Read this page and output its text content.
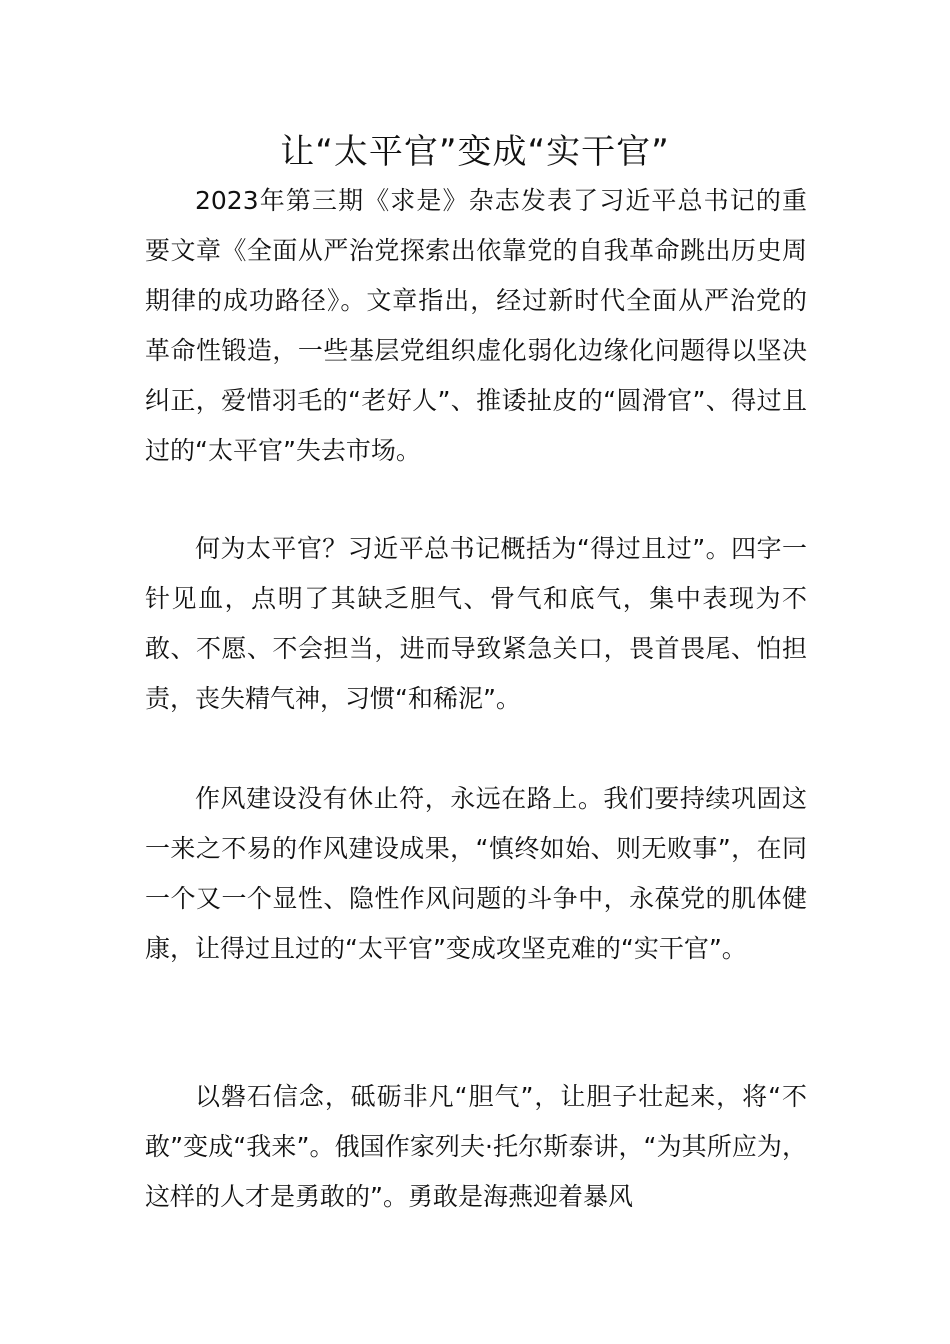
让“太平官”变成“实干官”

2023年第三期《求是》杂志发表了习近平总书记的重要文章《全面从严治党探索出依靠党的自我革命跳出历史周期律的成功路径》。文章指出，经过新时代全面从严治党的革命性锻造，一些基层党组织虚化弱化边缘化问题得以坚决纠正，爱惜羽毛的“老好人”、推诿扯皮的“圆滑官”、得过且过的“太平官”失去市场。

何为太平官？习近平总书记概括为“得过且过”。四字一针见血，点明了其缺乏胆气、骨气和底气，集中表现为不敢、不愿、不会担当，进而导致紧急关口，畏首畏尾、怕担责，丧失精气神，习惯“和稀泥”。

作风建设没有休止符，永远在路上。我们要持续巩固这一来之不易的作风建设成果，“慎终如始、则无败事”，在同一个又一个显性、隐性作风问题的斗争中，永葆党的肌体健康，让得过且过的“太平官”变成攻坚克难的“实干官”。

以磐石信念，砥砺非凡“胆气”，让胆子壮起来，将“不敢”变成“我来”。俄国作家列夫·托尔斯泰讲，“为其所应为，这样的人才是勇敢的”。勇敢是海燕迎着暴风
